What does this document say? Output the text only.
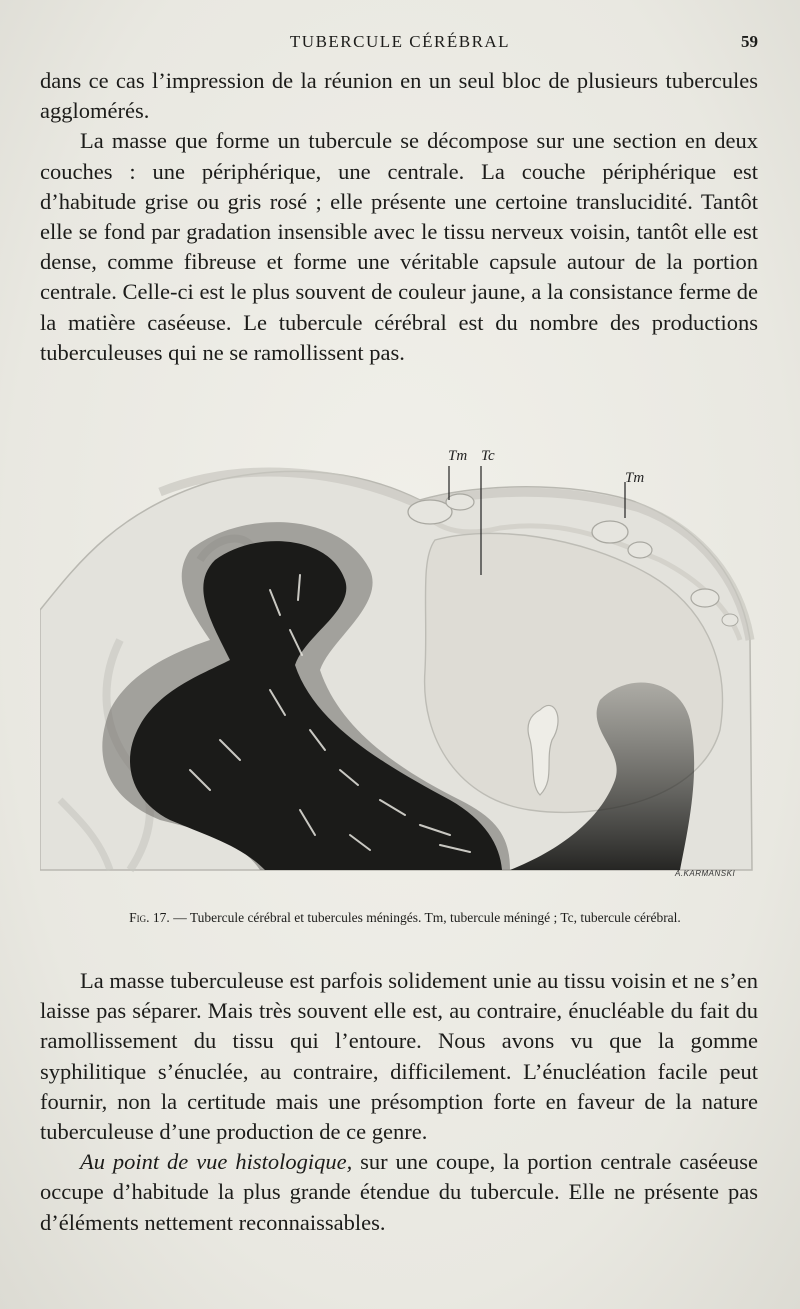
TUBERCULE CÉRÉBRAL	59

dans ce cas l’impression de la réunion en un seul bloc de plusieurs tubercules agglomérés.

La masse que forme un tubercule se décompose sur une section en deux couches : une périphérique, une centrale. La couche périphérique est d’habitude grise ou gris rosé ; elle présente une certoine translucidité. Tantôt elle se fond par gradation insensible avec le tissu nerveux voisin, tantôt elle est dense, comme fibreuse et forme une véritable capsule autour de la portion centrale. Celle-ci est le plus souvent de couleur jaune, a la consistance ferme de la matière caséeuse. Le tubercule cérébral est du nombre des productions tuberculeuses qui ne se ramollissent pas.

Tm Tc
Tm
A.KARMANSKI
Fig. 17. — Tubercule cérébral et tubercules méningés. Tm, tubercule méningé ; Tc, tubercule cérébral.

La masse tuberculeuse est parfois solidement unie au tissu voisin et ne s’en laisse pas séparer. Mais très souvent elle est, au contraire, énucléable du fait du ramollissement du tissu qui l’entoure. Nous avons vu que la gomme syphilitique s’énuclée, au contraire, difficilement. L’énucléation facile peut fournir, non la certitude mais une présomption forte en faveur de la nature tuberculeuse d’une production de ce genre.

Au point de vue histologique, sur une coupe, la portion centrale caséeuse occupe d’habitude la plus grande étendue du tubercule. Elle ne présente pas d’éléments nettement reconnaissables.
